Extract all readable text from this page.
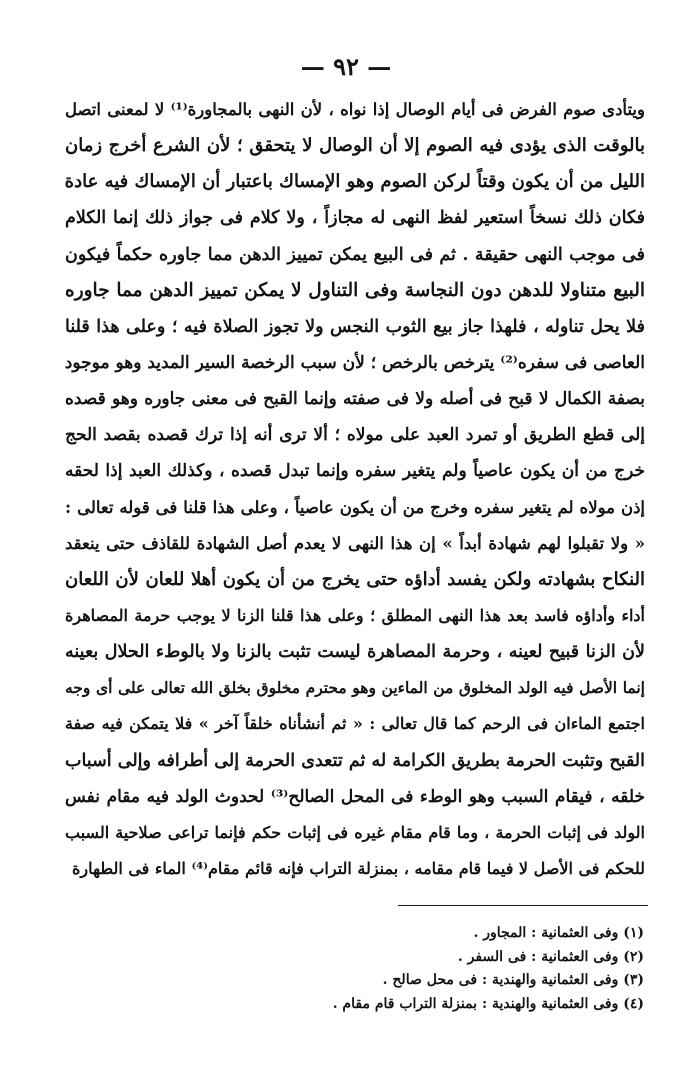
— ٩٢ —
ويتأدى صوم الفرض فى أيام الوصال إذا نواه ، لأن النهى بالمجاورة⁽¹⁾ لا لمعنى اتصل
بالوقت الذى يؤدى فيه الصوم إلا أن الوصال لا يتحقق ؛ لأن الشرع أخرج زمان
الليل من أن يكون وقتاً لركن الصوم وهو الإمساك باعتبار أن الإمساك فيه عادة
فكان ذلك نسخاً استعير لفظ النهى له مجازاً ، ولا كلام فى جواز ذلك إنما الكلام
فى موجب النهى حقيقة . ثم فى البيع يمكن تمييز الدهن مما جاوره حكماً فيكون
البيع متناولا للدهن دون النجاسة وفى التناول لا يمكن تمييز الدهن مما جاوره
فلا يحل تناوله ، فلهذا جاز بيع الثوب النجس ولا تجوز الصلاة فيه ؛ وعلى هذا قلنا
العاصى فى سفره⁽²⁾ يترخص بالرخص ؛ لأن سبب الرخصة السير المديد وهو موجود
بصفة الكمال لا قبح فى أصله ولا فى صفته وإنما القبح فى معنى جاوره وهو قصده
إلى قطع الطريق أو تمرد العبد على مولاه ؛ ألا ترى أنه إذا ترك قصده بقصد الحج
خرج من أن يكون عاصياً ولم يتغير سفره وإنما تبدل قصده ، وكذلك العبد إذا لحقه
إذن مولاه لم يتغير سفره وخرج من أن يكون عاصياً ، وعلى هذا قلنا فى قوله تعالى :
« ولا تقبلوا لهم شهادة أبداً » إن هذا النهى لا يعدم أصل الشهادة للقاذف حتى ينعقد
النكاح بشهادته ولكن يفسد أداؤه حتى يخرج من أن يكون أهلا للعان لأن اللعان
أداء وأداؤه فاسد بعد هذا النهى المطلق ؛ وعلى هذا قلنا الزنا لا يوجب حرمة المصاهرة
لأن الزنا قبيح لعينه ، وحرمة المصاهرة ليست تثبت بالزنا ولا بالوطء الحلال بعينه
إنما الأصل فيه الولد المخلوق من الماءين وهو محترم مخلوق بخلق الله تعالى على أى وجه
اجتمع الماءان فى الرحم كما قال تعالى : « ثم أنشأناه خلقاً آخر » فلا يتمكن فيه صفة
القبح وتثبت الحرمة بطريق الكرامة له ثم تتعدى الحرمة إلى أطرافه وإلى أسباب
خلقه ، فيقام السبب وهو الوطء فى المحل الصالح⁽³⁾ لحدوث الولد فيه مقام نفس
الولد فى إثبات الحرمة ، وما قام مقام غيره فى إثبات حكم فإنما تراعى صلاحية السبب
للحكم فى الأصل لا فيما قام مقامه ، بمنزلة التراب فإنه قائم مقام⁽⁴⁾ الماء فى الطهارة
(١) وفى العثمانية : المجاور .
(٢) وفى العثمانية : فى السفر .
(٣) وفى العثمانية والهندية : فى محل صالح .
(٤) وفى العثمانية والهندية : بمنزلة التراب قام مقام .
